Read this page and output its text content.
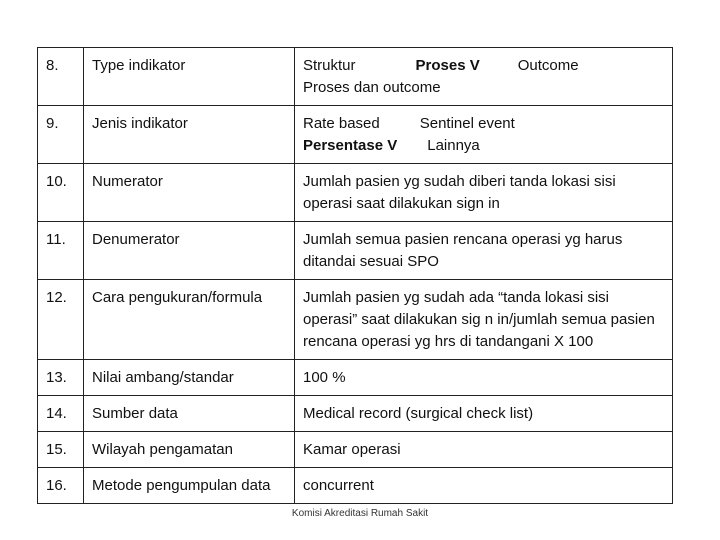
8.	Type indikator	Struktur Proses V Outcome
Proses dan outcome

9.	Jenis indikator	Rate based Sentinel event
Persentase V Lainnya

10.	Numerator	Jumlah pasien yg sudah diberi tanda lokasi sisi operasi saat dilakukan sign in
11.	Denumerator	Jumlah semua pasien rencana operasi yg harus ditandai sesuai SPO
12.	Cara pengukuran/formula	Jumlah pasien yg sudah ada “tanda lokasi sisi operasi” saat dilakukan sig n in/jumlah semua pasien rencana operasi yg hrs di tandangani X 100
13.	Nilai ambang/standar	100 %
14.	Sumber data	Medical record (surgical check list)
15.	Wilayah pengamatan	Kamar operasi
16.	Metode pengumpulan data	concurrent
Komisi Akreditasi Rumah Sakit
